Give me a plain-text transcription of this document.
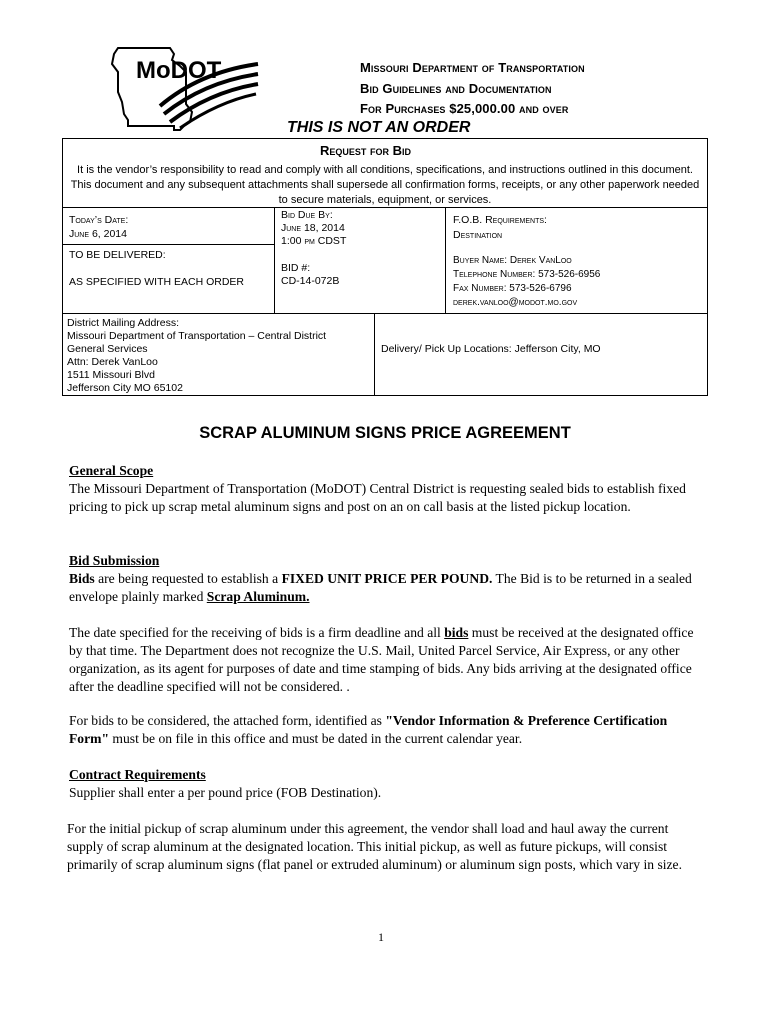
MoDOT	Missouri Department of Transportation
Bid Guidelines and Documentation
For Purchases $25,000.00 and over
THIS IS NOT AN ORDER
Request for Bid
It is the vendor’s responsibility to read and comply with all conditions, specifications, and instructions outlined in this document. This document and any subsequent attachments shall supersede all confirmation forms, receipts, or any other paperwork needed to secure materials, equipment, or services.
Today’s Date:
June 6, 2014
Bid Due By:
June 18, 2014
1:00 pm CDST
F.O.B. Requirements:
Destination
TO BE DELIVERED:
AS SPECIFIED WITH EACH ORDER
BID #:
CD-14-072B
Buyer Name: Derek VanLoo
Telephone Number: 573-526-6956
Fax Number: 573-526-6796
derek.vanloo@modot.mo.gov
District Mailing Address:
Missouri Department of Transportation – Central District
General Services
Attn: Derek VanLoo
1511 Missouri Blvd
Jefferson City MO 65102
Delivery/ Pick Up Locations: Jefferson City, MO
SCRAP ALUMINUM SIGNS PRICE AGREEMENT
General Scope
The Missouri Department of Transportation (MoDOT) Central District is requesting sealed bids to establish fixed pricing to pick up scrap metal aluminum signs and post on an on call basis at the listed pickup location.
Bid Submission
Bids are being requested to establish a FIXED UNIT PRICE PER POUND. The Bid is to be returned in a sealed envelope plainly marked Scrap Aluminum.
The date specified for the receiving of bids is a firm deadline and all bids must be received at the designated office by that time. The Department does not recognize the U.S. Mail, United Parcel Service, Air Express, or any other organization, as its agent for purposes of date and time stamping of bids. Any bids arriving at the designated office after the deadline specified will not be considered. .
For bids to be considered, the attached form, identified as "Vendor Information & Preference Certification Form" must be on file in this office and must be dated in the current calendar year.
Contract Requirements
Supplier shall enter a per pound price (FOB Destination).
For the initial pickup of scrap aluminum under this agreement, the vendor shall load and haul away the current supply of scrap aluminum at the designated location. This initial pickup, as well as future pickups, will consist primarily of scrap aluminum signs (flat panel or extruded aluminum) or aluminum sign posts, which vary in size.
1
